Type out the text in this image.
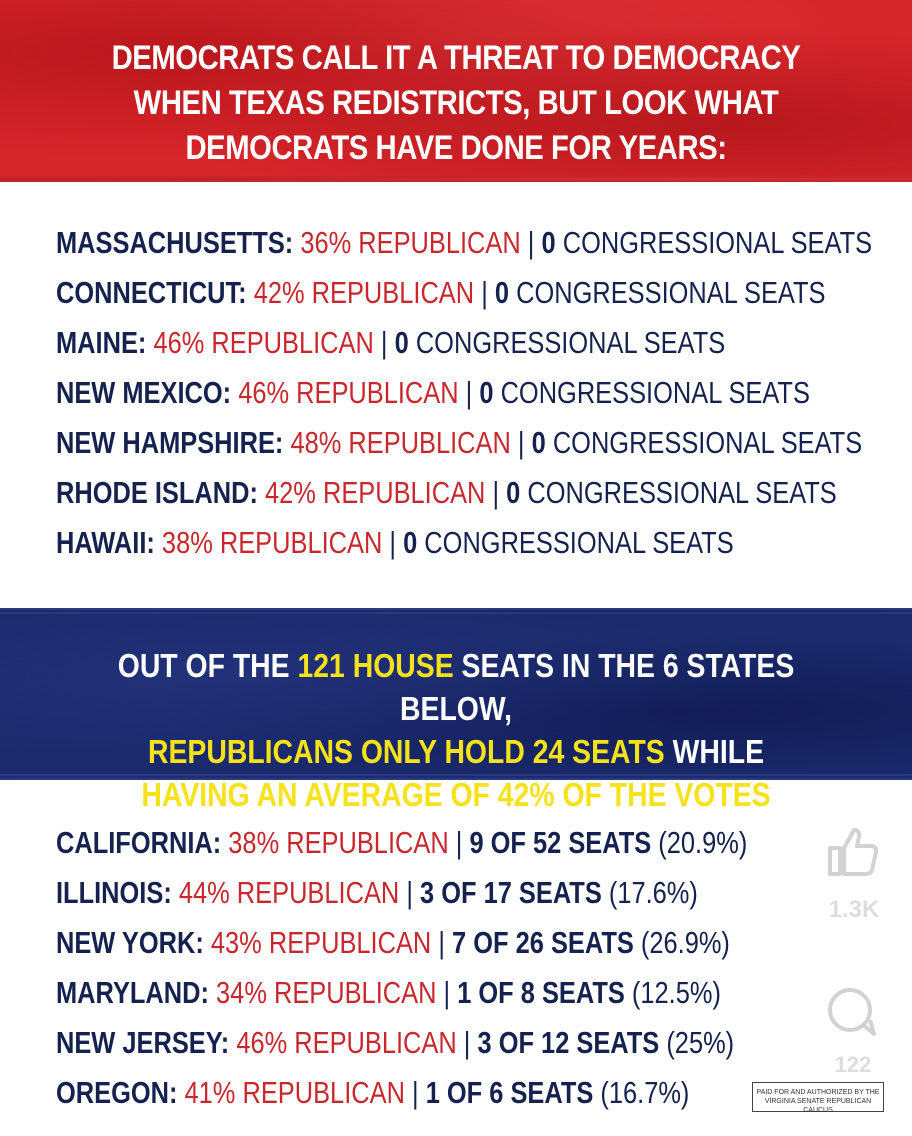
DEMOCRATS CALL IT A THREAT TO DEMOCRACY
WHEN TEXAS REDISTRICTS, BUT LOOK WHAT
DEMOCRATS HAVE DONE FOR YEARS:
MASSACHUSETTS: 36% REPUBLICAN | 0 CONGRESSIONAL SEATS
CONNECTICUT: 42% REPUBLICAN | 0 CONGRESSIONAL SEATS
MAINE: 46% REPUBLICAN | 0 CONGRESSIONAL SEATS
NEW MEXICO: 46% REPUBLICAN | 0 CONGRESSIONAL SEATS
NEW HAMPSHIRE: 48% REPUBLICAN | 0 CONGRESSIONAL SEATS
RHODE ISLAND: 42% REPUBLICAN | 0 CONGRESSIONAL SEATS
HAWAII: 38% REPUBLICAN | 0 CONGRESSIONAL SEATS
OUT OF THE 121 HOUSE SEATS IN THE 6 STATES BELOW,
REPUBLICANS ONLY HOLD 24 SEATS WHILE
HAVING AN AVERAGE OF 42% OF THE VOTES
CALIFORNIA: 38% REPUBLICAN | 9 OF 52 SEATS (20.9%)
ILLINOIS: 44% REPUBLICAN | 3 OF 17 SEATS (17.6%)
NEW YORK: 43% REPUBLICAN | 7 OF 26 SEATS (26.9%)
MARYLAND: 34% REPUBLICAN | 1 OF 8 SEATS (12.5%)
NEW JERSEY: 46% REPUBLICAN | 3 OF 12 SEATS (25%)
OREGON: 41% REPUBLICAN | 1 OF 6 SEATS (16.7%)
1.3K
122
PAID FOR AND AUTHORIZED BY THE
VIRGINIA SENATE REPUBLICAN CAUCUS
